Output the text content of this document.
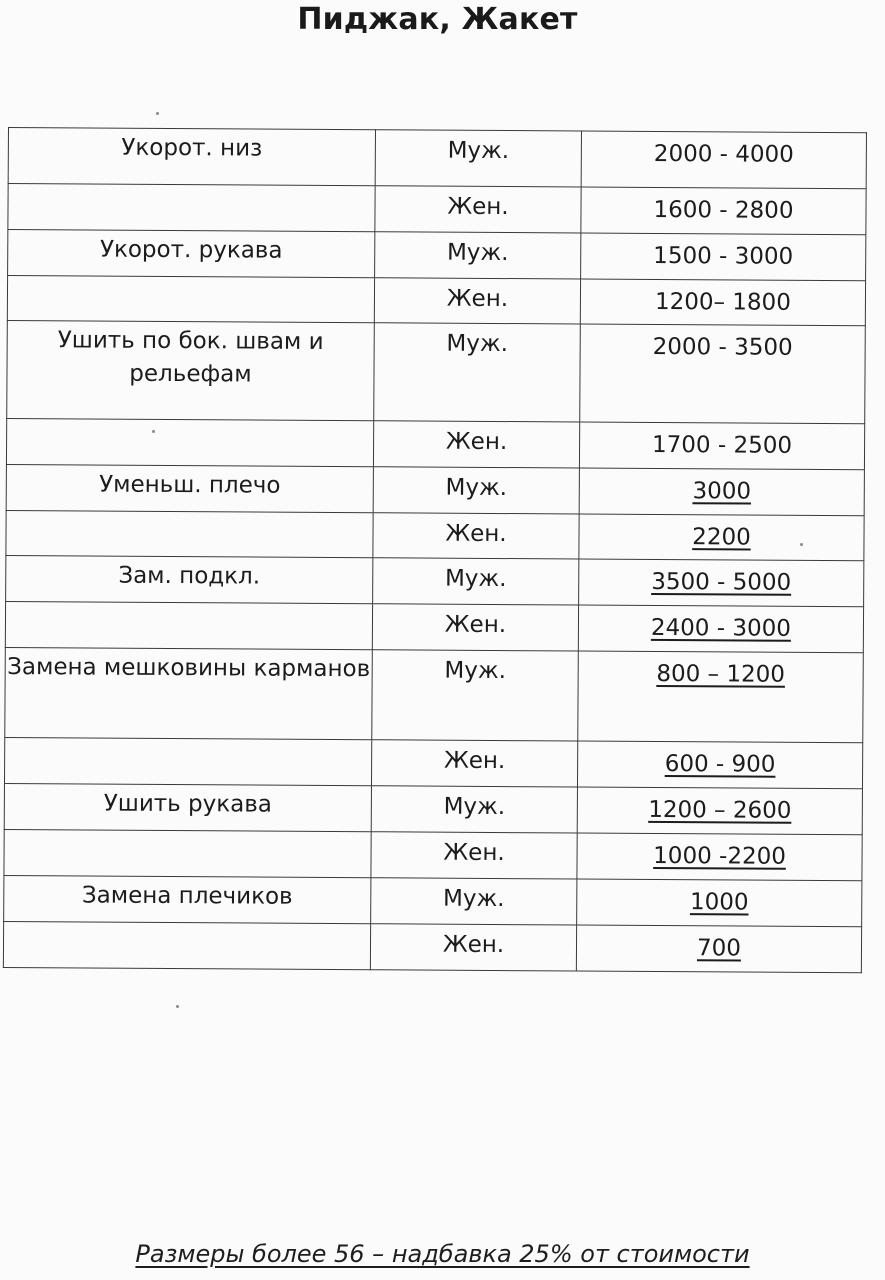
Пиджак, Жакет
Укорот. низ	Муж.	2000 - 4000
	Жен.	1600 - 2800
Укорот. рукава	Муж.	1500 - 3000
	Жен.	1200– 1800
Ушить по бок. швам и рельефам	Муж.	2000 - 3500
	Жен.	1700 - 2500
Уменьш. плечо	Муж.	3000
	Жен.	2200
Зам. подкл.	Муж.	3500 - 5000
	Жен.	2400 - 3000
Замена мешковины карманов	Муж.	800 – 1200
	Жен.	600 - 900
Ушить рукава	Муж.	1200 – 2600
	Жен.	1000 -2200
Замена плечиков	Муж.	1000
	Жен.	700
Размеры более 56 – надбавка 25% от стоимости
